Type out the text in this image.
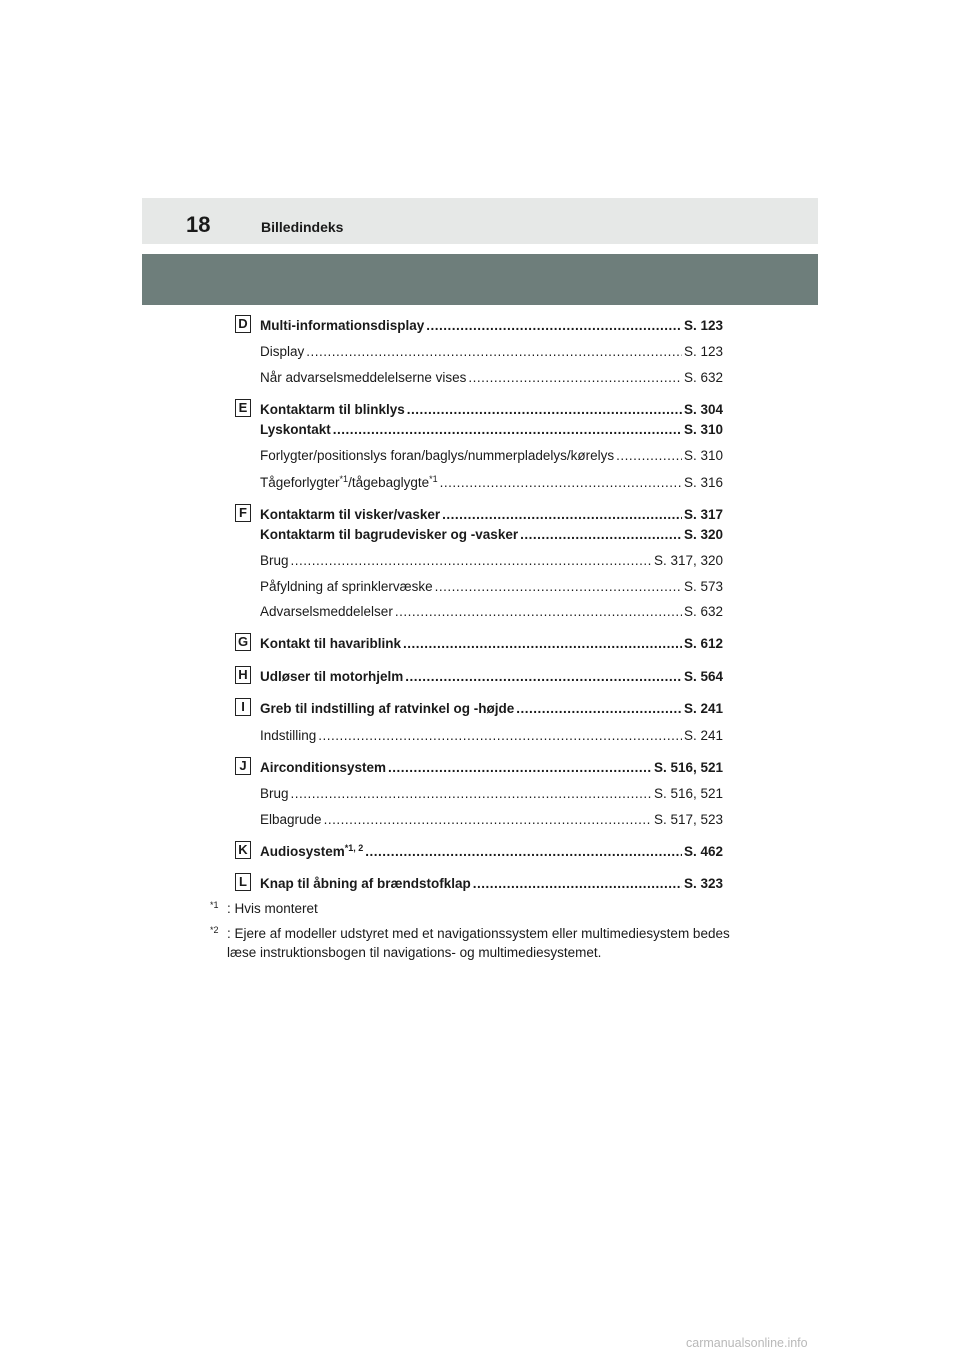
18	Billedindeks
D Multi-informationsdisplay .....	S. 123
Display .....	S. 123
Når advarselsmeddelelserne vises .....	S. 632
E Kontaktarm til blinklys .....	S. 304
Lyskontakt .....	S. 310
Forlygter/positionslys foran/baglys/nummerpladelys/kørelys .....	S. 310
Tågeforlygter$^{*1}$/tågebaglygte$^{*1}$ .....	S. 316
F Kontaktarm til visker/vasker .....	S. 317
Kontaktarm til bagrudevisker og -vasker .....	S. 320
Brug .....	S. 317, 320
Påfyldning af sprinklervæske .....	S. 573
Advarselsmeddelelser .....	S. 632
G Kontakt til havariblink .....	S. 612
H Udløser til motorhjelm .....	S. 564
I	Greb til indstilling af ratvinkel og -højde .....	S. 241
Indstilling .....	S. 241
J Airconditionsystem .....	S. 516, 521
Brug .....	S. 516, 521
Elbagrude .....	S. 517, 523
K Audiosystem$^{*1, 2}$ .....	S. 462
L Knap til åbning af brændstofklap .....	S. 323
$^{*1}$ : Hvis monteret
$^{*2}$ : Ejere af modeller udstyret med et navigationssystem eller multimediesystem bedes læse instruktionsbogen til navigations- og multimediesystemet.
carmanualsonline.info
